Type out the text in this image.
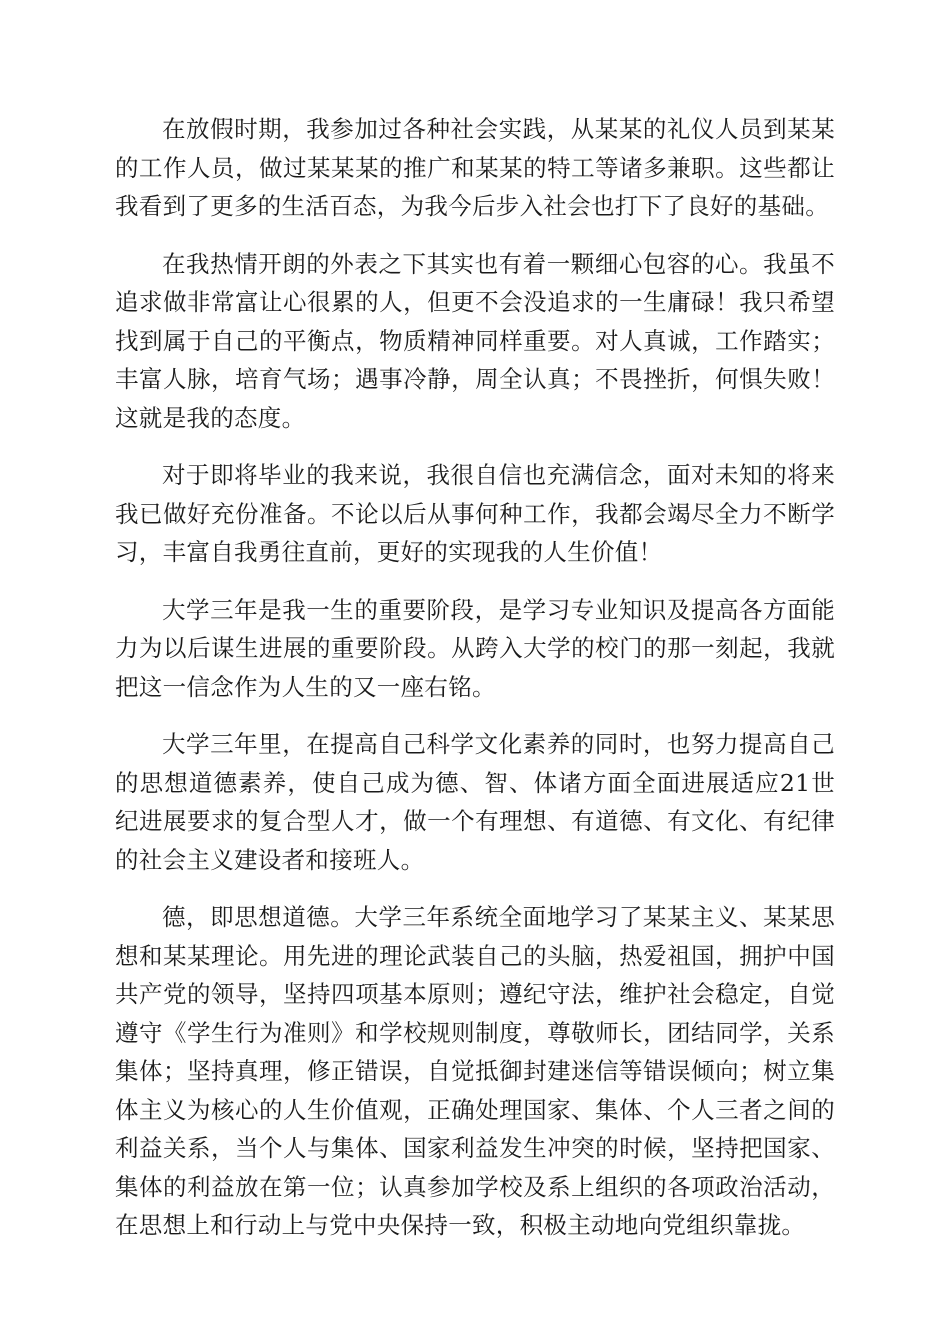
在放假时期，我参加过各种社会实践，从某某的礼仪人员到某某的工作人员，做过某某某的推广和某某的特工等诸多兼职。这些都让我看到了更多的生活百态，为我今后步入社会也打下了良好的基础。

在我热情开朗的外表之下其实也有着一颗细心包容的心。我虽不追求做非常富让心很累的人，但更不会没追求的一生庸碌！我只希望找到属于自己的平衡点，物质精神同样重要。对人真诚，工作踏实；丰富人脉，培育气场；遇事冷静，周全认真；不畏挫折，何惧失败！这就是我的态度。

对于即将毕业的我来说，我很自信也充满信念，面对未知的将来我已做好充份准备。不论以后从事何种工作，我都会竭尽全力不断学习，丰富自我勇往直前，更好的实现我的人生价值！

大学三年是我一生的重要阶段，是学习专业知识及提高各方面能力为以后谋生进展的重要阶段。从跨入大学的校门的那一刻起，我就把这一信念作为人生的又一座右铭。

大学三年里，在提高自己科学文化素养的同时，也努力提高自己的思想道德素养，使自己成为德、智、体诸方面全面进展适应21世纪进展要求的复合型人才，做一个有理想、有道德、有文化、有纪律的社会主义建设者和接班人。

德，即思想道德。大学三年系统全面地学习了某某主义、某某思想和某某理论。用先进的理论武装自己的头脑，热爱祖国，拥护中国共产党的领导，坚持四项基本原则；遵纪守法，维护社会稳定，自觉遵守《学生行为准则》和学校规则制度，尊敬师长，团结同学，关系集体；坚持真理，修正错误，自觉抵御封建迷信等错误倾向；树立集体主义为核心的人生价值观，正确处理国家、集体、个人三者之间的利益关系，当个人与集体、国家利益发生冲突的时候，坚持把国家、集体的利益放在第一位；认真参加学校及系上组织的各项政治活动，在思想上和行动上与党中央保持一致，积极主动地向党组织靠拢。
